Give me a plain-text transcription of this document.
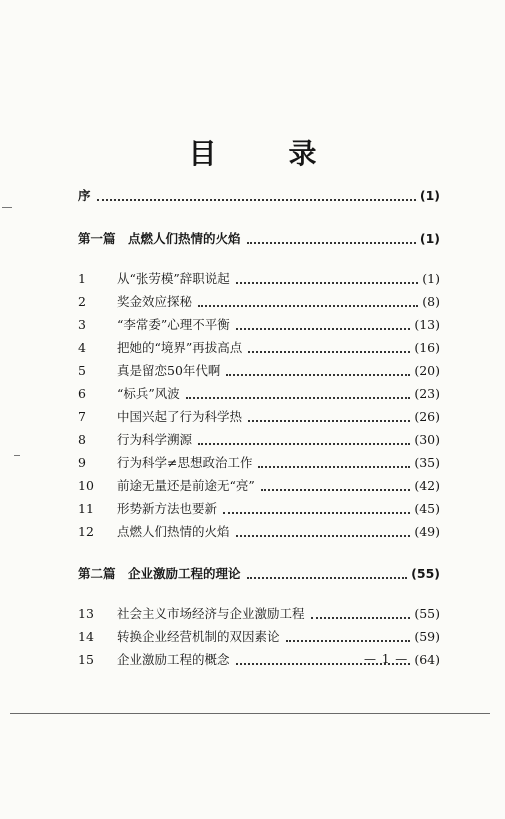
目　录
序	(1)
第一篇　点燃人们热情的火焰	(1)
1	从“张劳模”辞职说起	(1)
2	奖金效应探秘	(8)
3	“李常委”心理不平衡	(13)
4	把她的“境界”再拔高点	(16)
5	真是留恋50年代啊	(20)
6	“标兵”风波	(23)
7	中国兴起了行为科学热	(26)
8	行为科学溯源	(30)
9	行为科学≠思想政治工作	(35)
10	前途无量还是前途无“亮”	(42)
11	形势新方法也要新	(45)
12	点燃人们热情的火焰	(49)
第二篇　企业激励工程的理论	(55)
13	社会主义市场经济与企业激励工程	(55)
14	转换企业经营机制的双因素论	(59)
15	企业激励工程的概念	(64)
— 1 —
